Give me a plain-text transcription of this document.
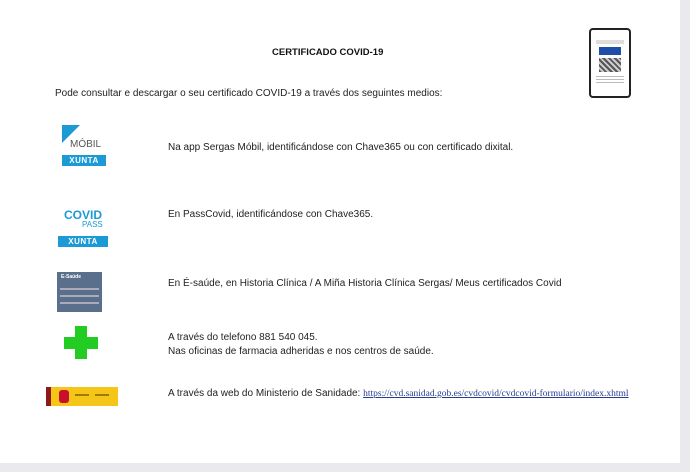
CERTIFICADO COVID-19
Pode consultar e descargar o seu certificado COVID-19 a través dos seguintes medios:
MÓBIL
XUNTA
Na app Sergas Móbil, identificándose con Chave365 ou con certificado dixital.
COVID
PASS
XUNTA
En PassCovid, identificándose con Chave365.
E-Saúde
En É-saúde, en Historia Clínica / A Miña Historia Clínica Sergas/ Meus certificados Covid
A través do telefono 881 540 045.
Nas oficinas de farmacia adheridas e nos centros de saúde.
A través da web do Ministerio de Sanidade: https://cvd.sanidad.gob.es/cvdcovid/cvdcovid-formulario/index.xhtml
